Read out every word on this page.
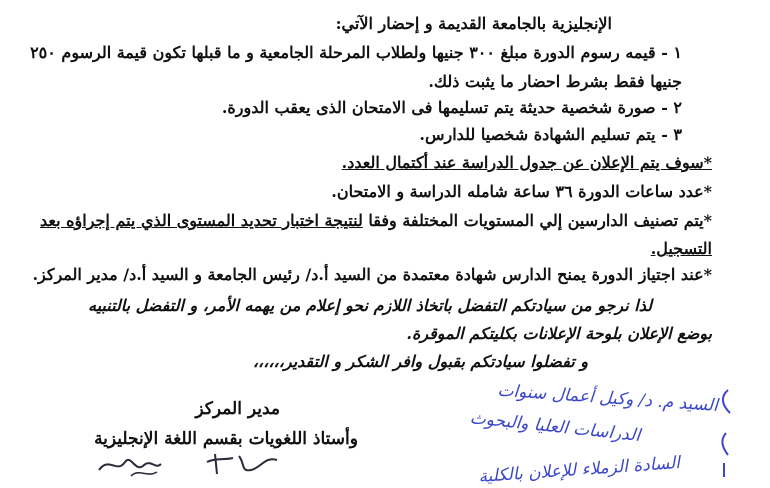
الإنجليزية بالجامعة القديمة و إحضار الآتي:
١ - قيمه رسوم الدورة مبلغ ٣٠٠ جنيها ولطلاب المرحلة الجامعية و ما قبلها تكون قيمة الرسوم ٢٥٠
جنيها فقط بشرط احضار ما يثبت ذلك.
٢ - صورة شخصية حديثة يتم تسليمها فى الامتحان الذى يعقب الدورة.
٣ - يتم تسليم الشهادة شخصيا للدارس.
*سوف يتم الإعلان عن جدول الدراسة عند أكتمال العدد.
*عدد ساعات الدورة ٣٦ ساعة شامله الدراسة و الامتحان.
*يتم تصنيف الدارسين إلي المستويات المختلفة وفقا لنتيجة اختبار تحديد المستوى الذي يتم إجراؤه بعد
التسجيل.
*عند اجتياز الدورة يمنح الدارس شهادة معتمدة من السيد أ.د/ رئيس الجامعة و السيد أ.د/ مدير المركز.
لذا نرجو من سيادتكم التفضل باتخاذ اللازم نحو إعلام من يهمه الأمر، و التفضل بالتنبيه
بوضع الإعلان بلوحة الإعلانات بكليتكم الموقرة.
و تفضلوا سيادتكم بقبول وافر الشكر و التقدير،،،،،،
مدير المركز
وأستاذ اللغويات بقسم اللغة الإنجليزية
السيد م. د/ وكيل أعمال سنوات
الدراسات العليا والبحوث
السادة الزملاء للإعلان بالكلية
